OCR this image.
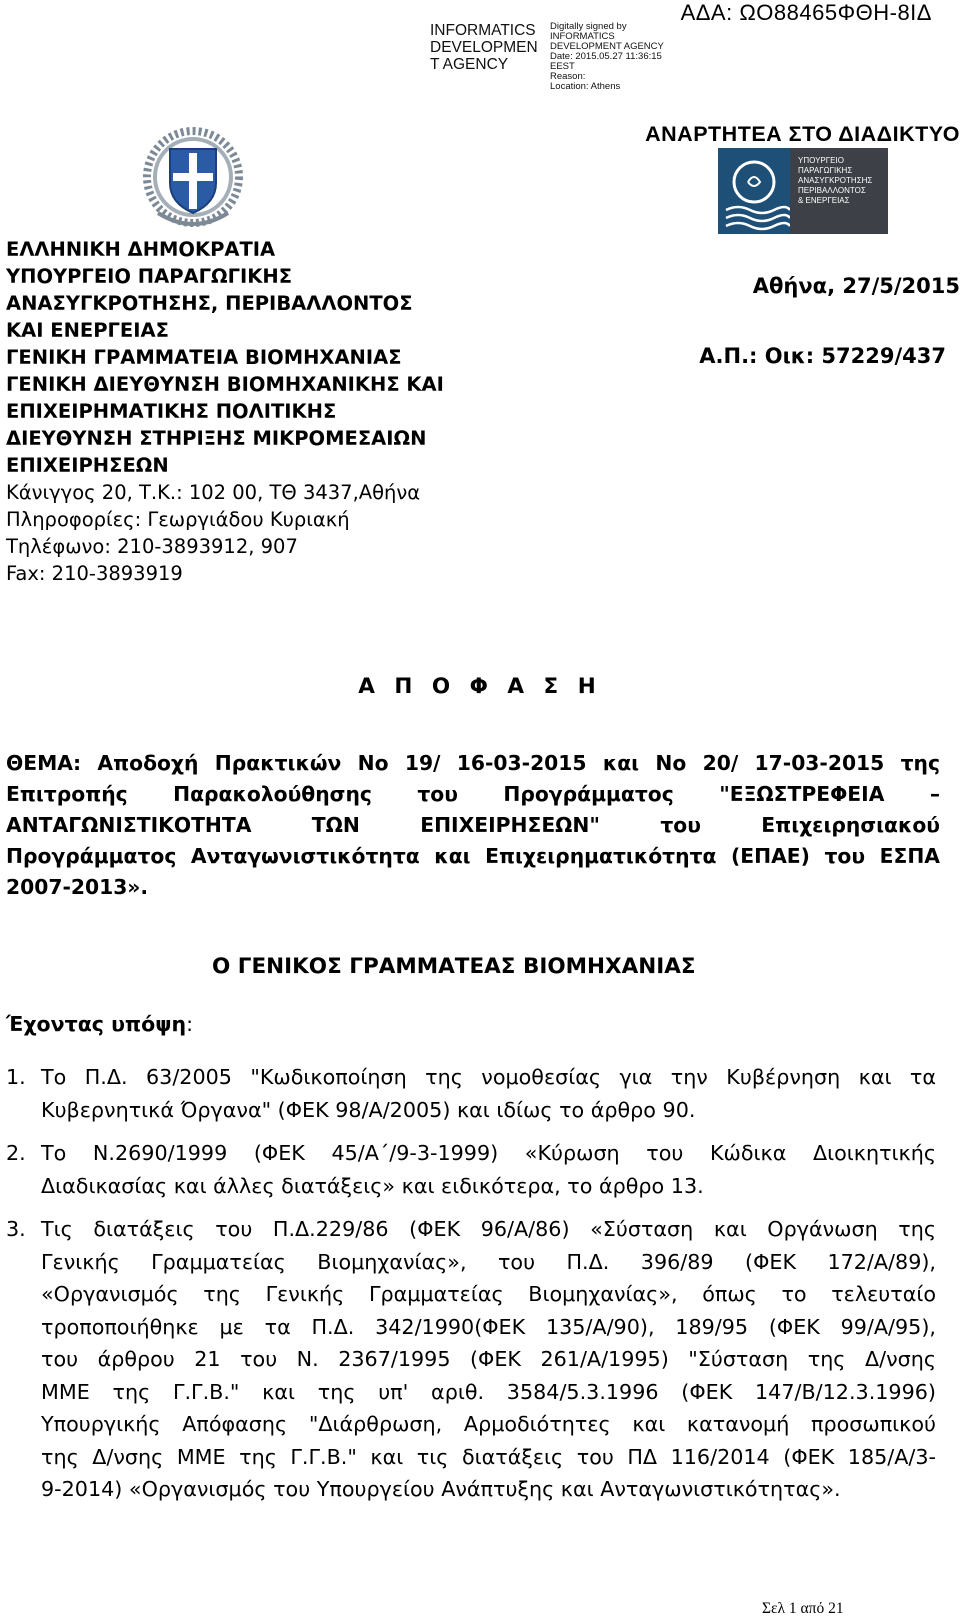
INFORMATICS
DEVELOPMEN
T AGENCY
Digitally signed by
INFORMATICS
DEVELOPMENT AGENCY
Date: 2015.05.27 11:36:15
EEST
Reason:
Location: Athens
ΑΔΑ: ΩΟ88465ΦΘΗ-8ΙΔ
ΑΝΑΡΤΗΤΕΑ ΣΤΟ ΔΙΑΔΙΚΤΥΟ
ΥΠΟΥΡΓΕΙΟ
ΠΑΡΑΓΩΓΙΚΗΣ
ΑΝΑΣΥΓΚΡΟΤΗΣΗΣ
ΠΕΡΙΒΑΛΛΟΝΤΟΣ
& ΕΝΕΡΓΕΙΑΣ
ΕΛΛΗΝΙΚΗ ΔΗΜΟΚΡΑΤΙΑ
ΥΠΟΥΡΓΕΙΟ ΠΑΡΑΓΩΓΙΚΗΣ
ΑΝΑΣΥΓΚΡΟΤΗΣΗΣ, ΠΕΡΙΒΑΛΛΟΝΤΟΣ
ΚΑΙ ΕΝΕΡΓΕΙΑΣ
ΓΕΝΙΚΗ ΓΡΑΜΜΑΤΕΙΑ ΒΙΟΜΗΧΑΝΙΑΣ
ΓΕΝΙΚΗ ΔΙΕΥΘΥΝΣΗ ΒΙΟΜΗΧΑΝΙΚΗΣ ΚΑΙ
ΕΠΙΧΕΙΡΗΜΑΤΙΚΗΣ ΠΟΛΙΤΙΚΗΣ
ΔΙΕΥΘΥΝΣΗ ΣΤΗΡΙΞΗΣ ΜΙΚΡΟΜΕΣΑΙΩΝ
ΕΠΙΧΕΙΡΗΣΕΩΝ
Κάνιγγος 20, Τ.Κ.: 102 00, ΤΘ 3437,Αθήνα
Πληροφορίες: Γεωργιάδου Κυριακή
Τηλέφωνο: 210-3893912, 907
Fax: 210-3893919
Αθήνα, 27/5/2015
Α.Π.: Οικ: 57229/437
Α Π Ο Φ Α Σ Η
ΘΕΜΑ: Αποδοχή Πρακτικών Νο 19/ 16-03-2015 και Νο 20/ 17-03-2015 της
Επιτροπής Παρακολούθησης του Προγράμματος "ΕΞΩΣΤΡΕΦΕΙΑ –
ΑΝΤΑΓΩΝΙΣΤΙΚΟΤΗΤΑ ΤΩΝ ΕΠΙΧΕΙΡΗΣΕΩΝ" του Επιχειρησιακού
Προγράμματος Ανταγωνιστικότητα και Επιχειρηματικότητα (ΕΠΑΕ) του ΕΣΠΑ
2007-2013».
Ο ΓΕΝΙΚΟΣ ΓΡΑΜΜΑΤΕΑΣ ΒΙΟΜΗΧΑΝΙΑΣ
Έχοντας υπόψη:
1. Το Π.Δ. 63/2005 "Κωδικοποίηση της νομοθεσίας για την Κυβέρνηση και τα
Κυβερνητικά Όργανα" (ΦΕΚ 98/Α/2005) και ιδίως το άρθρο 90.
2. Το Ν.2690/1999 (ΦΕΚ 45/Α΄/9-3-1999) «Κύρωση του Κώδικα Διοικητικής
Διαδικασίας και άλλες διατάξεις» και ειδικότερα, το άρθρο 13.
3. Τις διατάξεις του Π.Δ.229/86 (ΦΕΚ 96/Α/86) «Σύσταση και Οργάνωση της
Γενικής Γραμματείας Βιομηχανίας», του Π.Δ. 396/89 (ΦΕΚ 172/Α/89),
«Οργανισμός της Γενικής Γραμματείας Βιομηχανίας», όπως το τελευταίο
τροποποιήθηκε με τα Π.Δ. 342/1990(ΦΕΚ 135/Α/90), 189/95 (ΦΕΚ 99/Α/95),
του άρθρου 21 του Ν. 2367/1995 (ΦΕΚ 261/Α/1995) "Σύσταση της Δ/νσης
ΜΜΕ της Γ.Γ.Β." και της υπ' αριθ. 3584/5.3.1996 (ΦΕΚ 147/Β/12.3.1996)
Υπουργικής Απόφασης "Διάρθρωση, Αρμοδιότητες και κατανομή προσωπικού
της Δ/νσης ΜΜΕ της Γ.Γ.Β." και τις διατάξεις του ΠΔ 116/2014 (ΦΕΚ 185/Α/3-
9-2014) «Οργανισμός του Υπουργείου Ανάπτυξης και Ανταγωνιστικότητας».
Σελ 1 από 21
